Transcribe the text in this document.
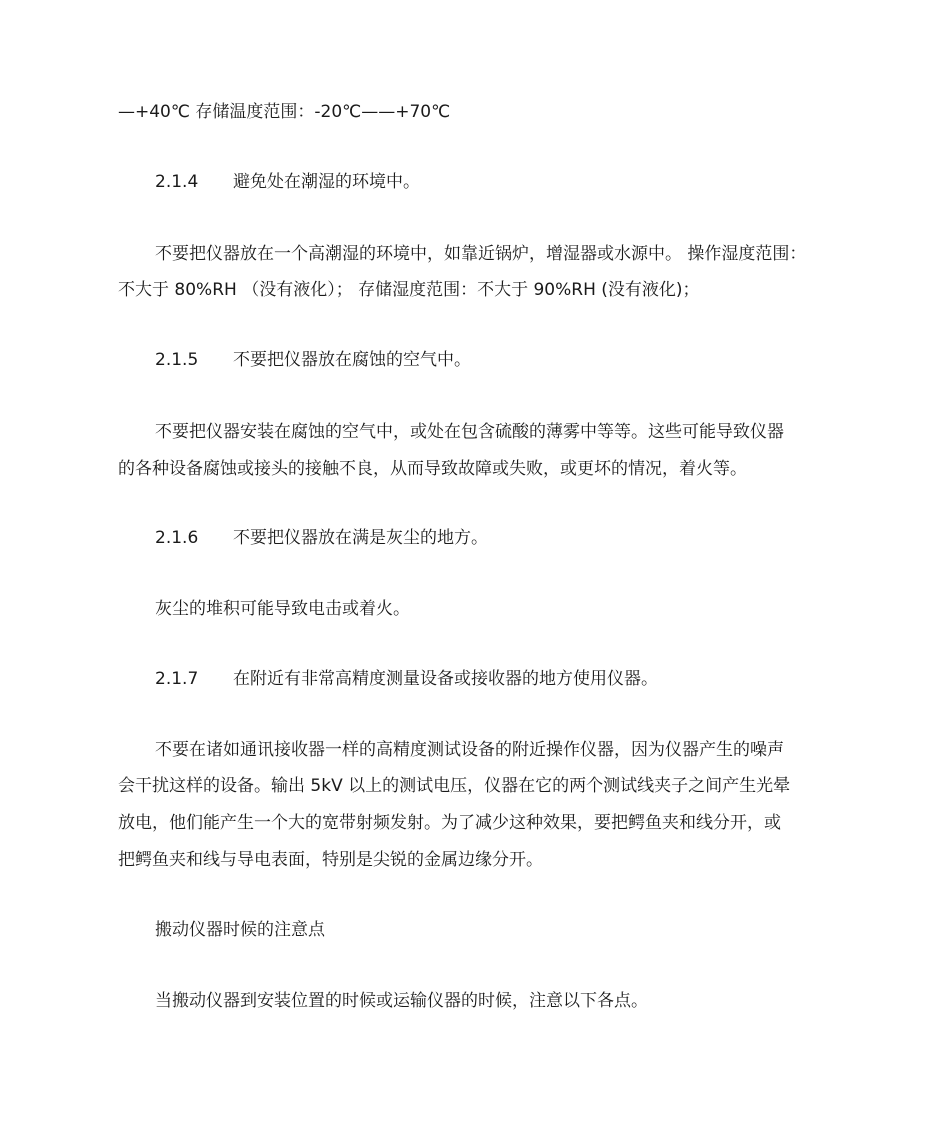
—+40℃ 存储温度范围：-20℃——+70℃
2.1.4 避免处在潮湿的环境中。
不要把仪器放在一个高潮湿的环境中，如靠近锅炉，增湿器或水源中。 操作湿度范围：
不大于 80%RH （没有液化）； 存储湿度范围：不大于 90%RH (没有液化)；
2.1.5 不要把仪器放在腐蚀的空气中。
不要把仪器安装在腐蚀的空气中，或处在包含硫酸的薄雾中等等。这些可能导致仪器
的各种设备腐蚀或接头的接触不良，从而导致故障或失败，或更坏的情况，着火等。
2.1.6 不要把仪器放在满是灰尘的地方。
灰尘的堆积可能导致电击或着火。
2.1.7 在附近有非常高精度测量设备或接收器的地方使用仪器。
不要在诸如通讯接收器一样的高精度测试设备的附近操作仪器，因为仪器产生的噪声
会干扰这样的设备。输出 5kV 以上的测试电压，仪器在它的两个测试线夹子之间产生光晕
放电，他们能产生一个大的宽带射频发射。为了减少这种效果，要把鳄鱼夹和线分开，或
把鳄鱼夹和线与导电表面，特别是尖锐的金属边缘分开。
搬动仪器时候的注意点
当搬动仪器到安装位置的时候或运输仪器的时候，注意以下各点。
